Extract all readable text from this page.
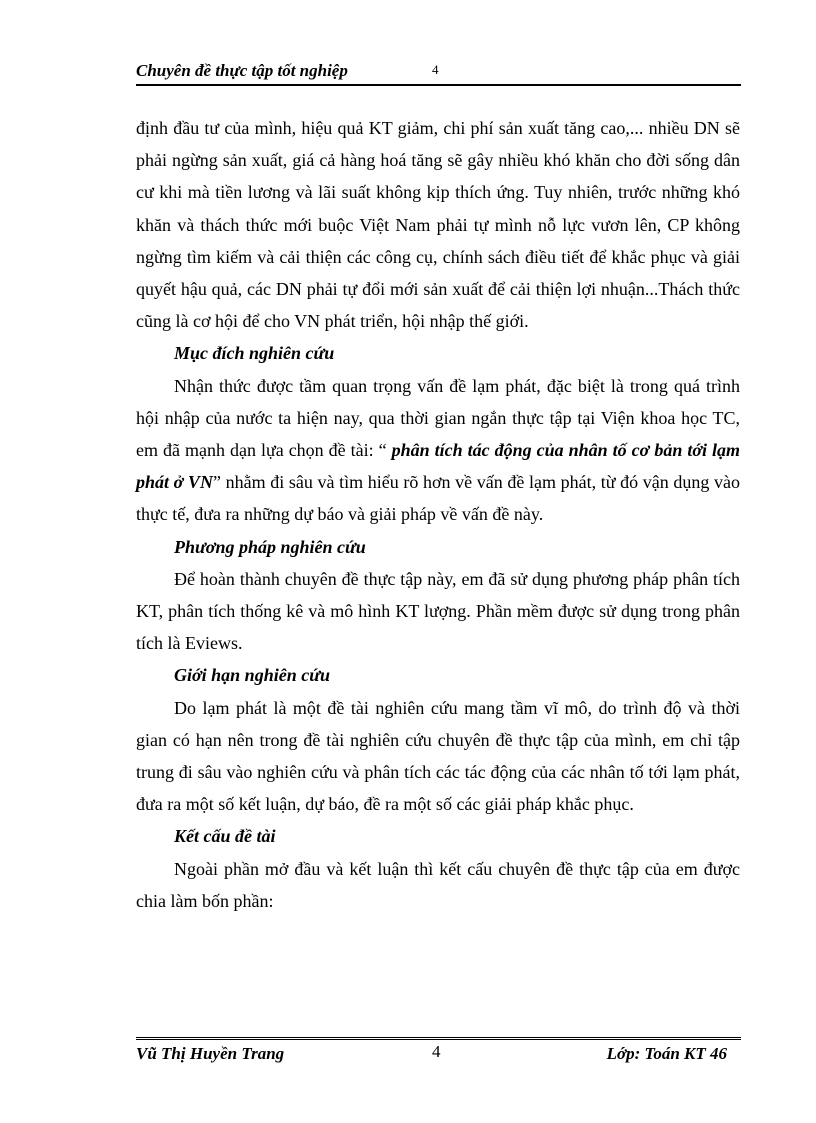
Chuyên đề thực tập tốt nghiệp	4

định đầu tư của mình, hiệu quả KT giảm, chi phí sản xuất tăng cao,... nhiều DN sẽ phải ngừng sản xuất, giá cả hàng hoá tăng sẽ gây nhiều khó khăn cho đời sống dân cư khi mà tiền lương và lãi suất không kịp thích ứng. Tuy nhiên, trước những khó khăn và thách thức mới buộc Việt Nam phải tự mình nỗ lực vươn lên, CP không ngừng tìm kiếm và cải thiện các công cụ, chính sách điều tiết để khắc phục và giải quyết hậu quả, các DN phải tự đổi mới sản xuất để cải thiện lợi nhuận...Thách thức cũng là cơ hội để cho VN phát triển, hội nhập thế giới.

Mục đích nghiên cứu

Nhận thức được tầm quan trọng vấn đề lạm phát, đặc biệt là trong quá trình hội nhập của nước ta hiện nay, qua thời gian ngắn thực tập tại Viện khoa học TC, em đã mạnh dạn lựa chọn đề tài: “ phân tích tác động của nhân tố cơ bản tới lạm phát ở VN” nhằm đi sâu và tìm hiểu rõ hơn về vấn đề lạm phát, từ đó vận dụng vào thực tế, đưa ra những dự báo và giải pháp về vấn đề này.

Phương pháp nghiên cứu

Để hoàn thành chuyên đề thực tập này, em đã sử dụng phương pháp phân tích KT, phân tích thống kê và mô hình KT lượng. Phần mềm được sử dụng trong phân tích là Eviews.

Giới hạn nghiên cứu

Do lạm phát là một đề tài nghiên cứu mang tầm vĩ mô, do trình độ và thời gian có hạn nên trong đề tài nghiên cứu chuyên đề thực tập của mình, em chỉ tập trung đi sâu vào nghiên cứu và phân tích các tác động của các nhân tố tới lạm phát, đưa ra một số kết luận, dự báo, đề ra một số các giải pháp khắc phục.

Kết cấu đề tài

Ngoài phần mở đầu và kết luận thì kết cấu chuyên đề thực tập của em được chia làm bốn phần:

Vũ Thị Huyền Trang	4	Lớp: Toán KT 46
